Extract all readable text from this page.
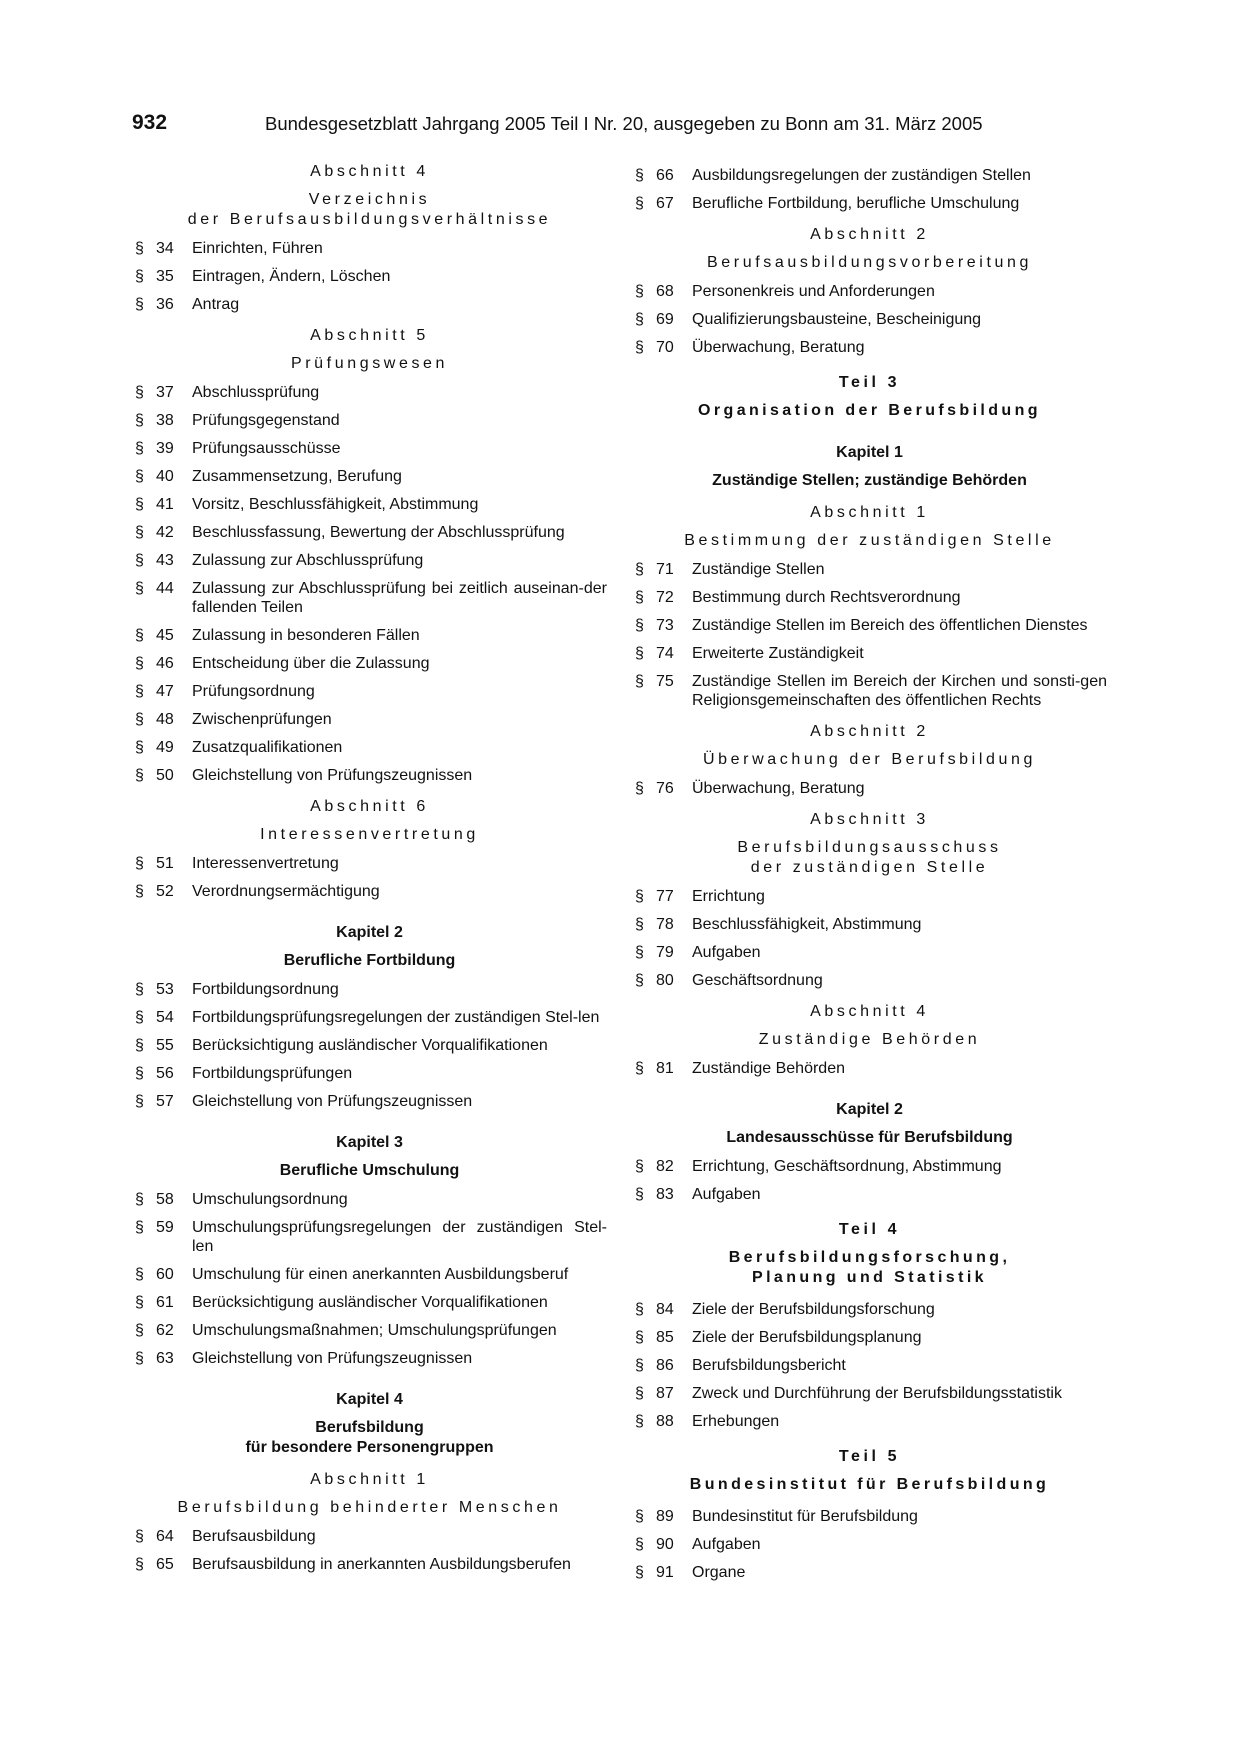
932	Bundesgesetzblatt Jahrgang 2005 Teil I Nr. 20, ausgegeben zu Bonn am 31. März 2005
Abschnitt 4
Verzeichnis
der Berufsausbildungsverhältnisse
§ 34 Einrichten, Führen
§ 35 Eintragen, Ändern, Löschen
§ 36 Antrag
Abschnitt 5
Prüfungswesen
§ 37 Abschlussprüfung
§ 38 Prüfungsgegenstand
§ 39 Prüfungsausschüsse
§ 40 Zusammensetzung, Berufung
§ 41 Vorsitz, Beschlussfähigkeit, Abstimmung
§ 42 Beschlussfassung, Bewertung der Abschlussprüfung
§ 43 Zulassung zur Abschlussprüfung
§ 44 Zulassung zur Abschlussprüfung bei zeitlich auseinan-der fallenden Teilen
§ 45 Zulassung in besonderen Fällen
§ 46 Entscheidung über die Zulassung
§ 47 Prüfungsordnung
§ 48 Zwischenprüfungen
§ 49 Zusatzqualifikationen
§ 50 Gleichstellung von Prüfungszeugnissen
Abschnitt 6
Interessenvertretung
§ 51 Interessenvertretung
§ 52 Verordnungsermächtigung
Kapitel 2
Berufliche Fortbildung
§ 53 Fortbildungsordnung
§ 54 Fortbildungsprüfungsregelungen der zuständigen Stel-len
§ 55 Berücksichtigung ausländischer Vorqualifikationen
§ 56 Fortbildungsprüfungen
§ 57 Gleichstellung von Prüfungszeugnissen
Kapitel 3
Berufliche Umschulung
§ 58 Umschulungsordnung
§ 59 Umschulungsprüfungsregelungen der zuständigen Stel-len
§ 60 Umschulung für einen anerkannten Ausbildungsberuf
§ 61 Berücksichtigung ausländischer Vorqualifikationen
§ 62 Umschulungsmaßnahmen; Umschulungsprüfungen
§ 63 Gleichstellung von Prüfungszeugnissen
Kapitel 4
Berufsbildung
für besondere Personengruppen
Abschnitt 1
Berufsbildung behinderter Menschen
§ 64 Berufsausbildung
§ 65 Berufsausbildung in anerkannten Ausbildungsberufen
§ 66 Ausbildungsregelungen der zuständigen Stellen
§ 67 Berufliche Fortbildung, berufliche Umschulung
Abschnitt 2
Berufsausbildungsvorbereitung
§ 68 Personenkreis und Anforderungen
§ 69 Qualifizierungsbausteine, Bescheinigung
§ 70 Überwachung, Beratung
Teil 3
Organisation der Berufsbildung
Kapitel 1
Zuständige Stellen; zuständige Behörden
Abschnitt 1
Bestimmung der zuständigen Stelle
§ 71 Zuständige Stellen
§ 72 Bestimmung durch Rechtsverordnung
§ 73 Zuständige Stellen im Bereich des öffentlichen Dienstes
§ 74 Erweiterte Zuständigkeit
§ 75 Zuständige Stellen im Bereich der Kirchen und sonsti-gen Religionsgemeinschaften des öffentlichen Rechts
Abschnitt 2
Überwachung der Berufsbildung
§ 76 Überwachung, Beratung
Abschnitt 3
Berufsbildungsausschuss
der zuständigen Stelle
§ 77 Errichtung
§ 78 Beschlussfähigkeit, Abstimmung
§ 79 Aufgaben
§ 80 Geschäftsordnung
Abschnitt 4
Zuständige Behörden
§ 81 Zuständige Behörden
Kapitel 2
Landesausschüsse für Berufsbildung
§ 82 Errichtung, Geschäftsordnung, Abstimmung
§ 83 Aufgaben
Teil 4
Berufsbildungsforschung,
Planung und Statistik
§ 84 Ziele der Berufsbildungsforschung
§ 85 Ziele der Berufsbildungsplanung
§ 86 Berufsbildungsbericht
§ 87 Zweck und Durchführung der Berufsbildungsstatistik
§ 88 Erhebungen
Teil 5
Bundesinstitut für Berufsbildung
§ 89 Bundesinstitut für Berufsbildung
§ 90 Aufgaben
§ 91 Organe
